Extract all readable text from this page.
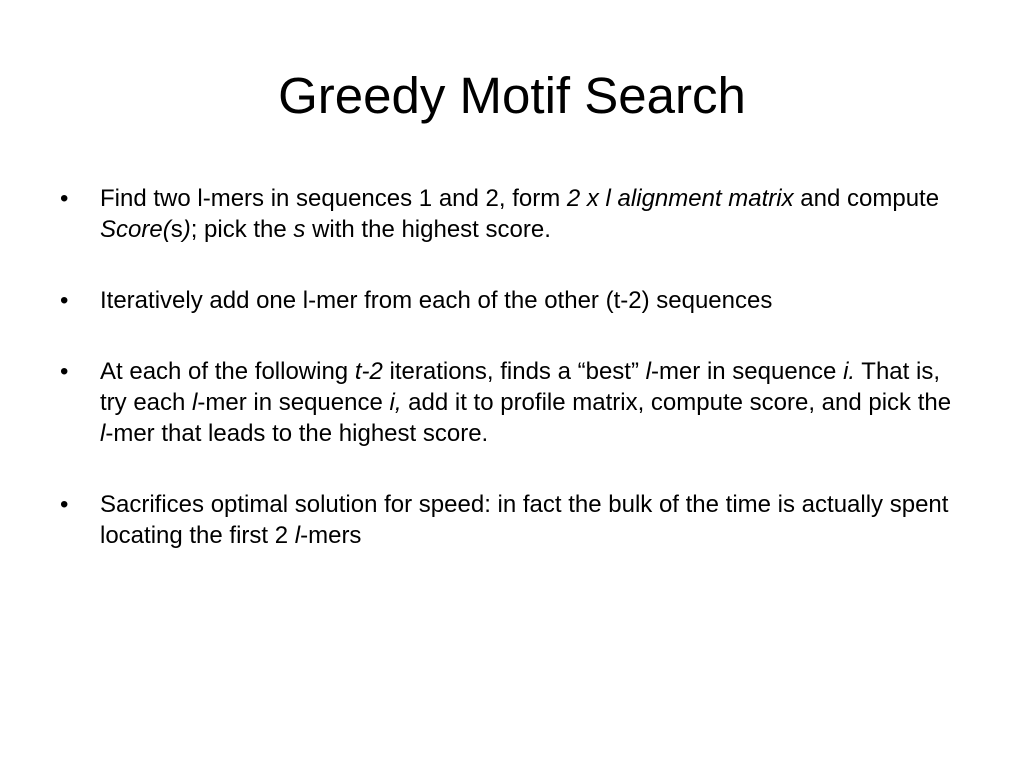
Greedy Motif Search
• Find two l-mers in sequences 1 and 2, form 2 x l alignment matrix and compute Score(s); pick the s with the highest score.
• Iteratively add one l-mer from each of the other (t-2) sequences
• At each of the following t-2 iterations, finds a “best” l-mer in sequence i. That is, try each l-mer in sequence i, add it to profile matrix, compute score, and pick the l-mer that leads to the highest score.
• Sacrifices optimal solution for speed: in fact the bulk of the time is actually spent locating the first 2 l-mers
